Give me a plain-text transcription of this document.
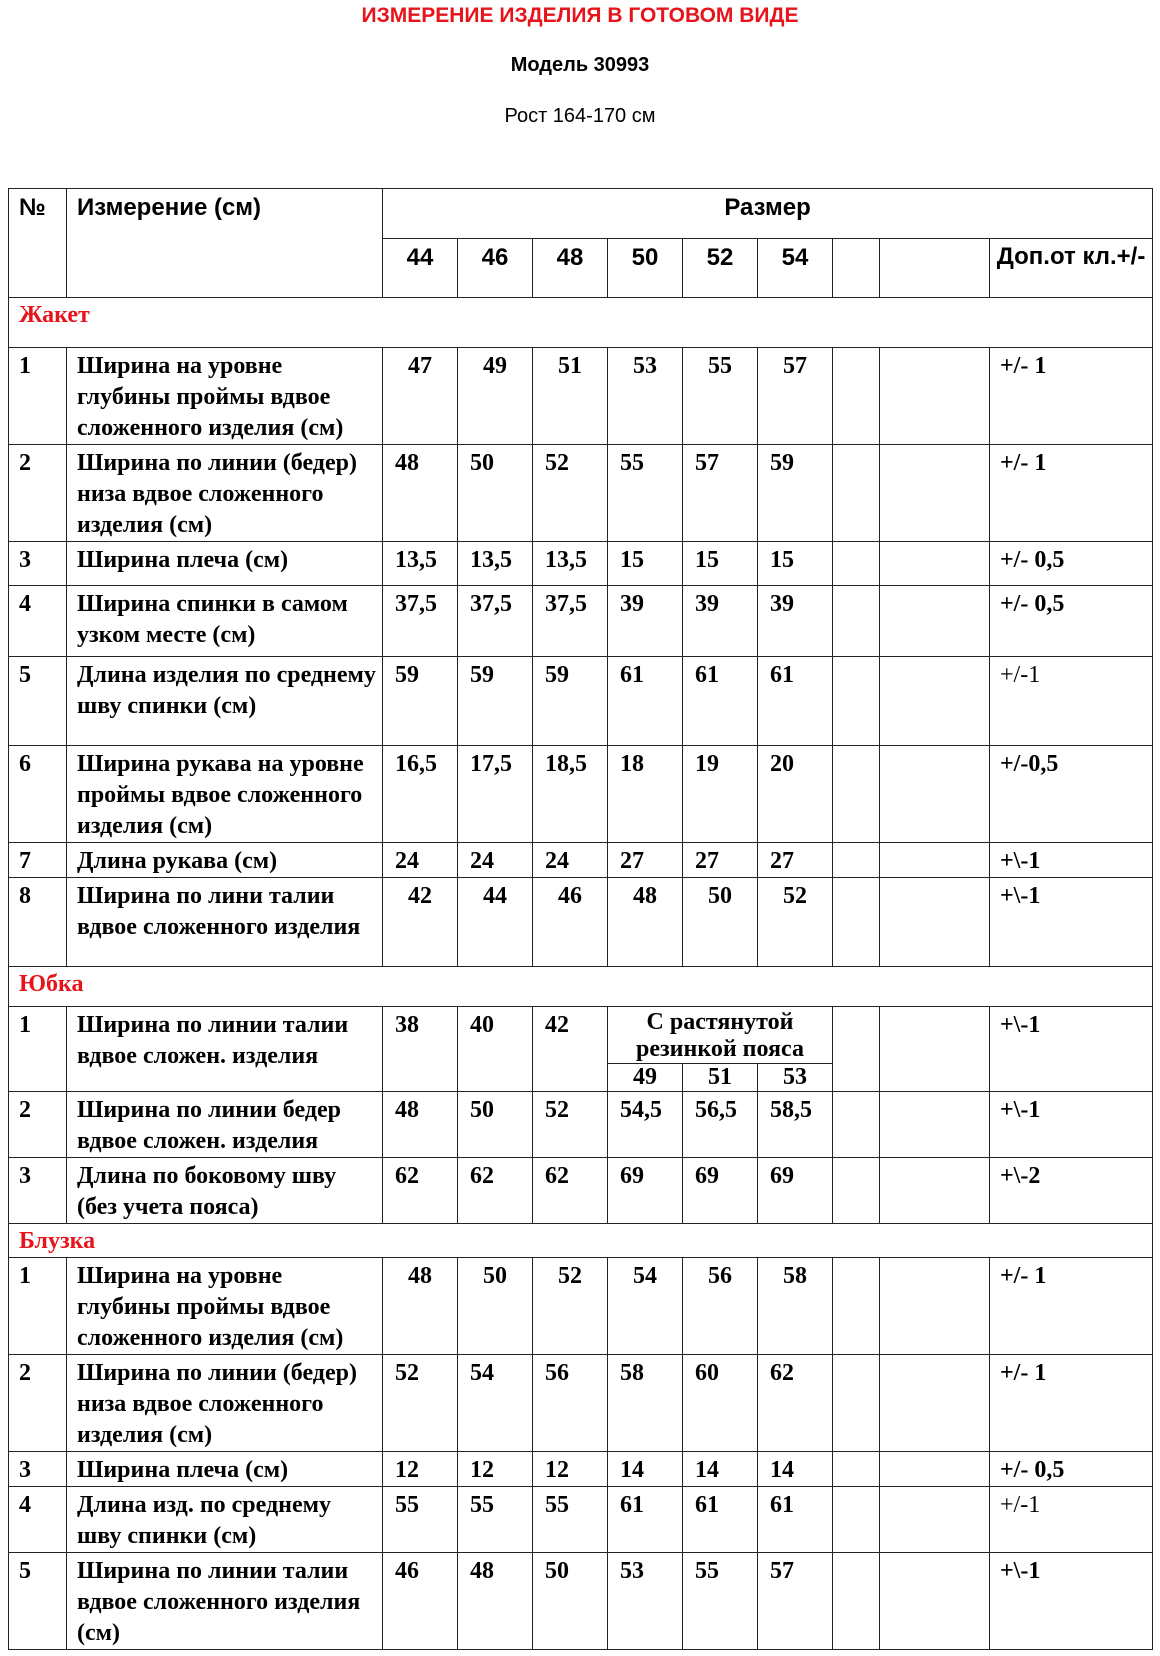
ИЗМЕРЕНИЕ ИЗДЕЛИЯ В ГОТОВОМ ВИДЕ
Модель 30993
Рост 164-170 см
№	Измерение (см)	Размер								
		44	46	48	50	52	54			Доп.от кл.+/-
Жакет										
1	Ширина на уровне глубины проймы вдвое сложенного изделия (см)	47	49	51	53	55	57			+/- 1
2	Ширина по линии (бедер) низа вдвое сложенного изделия (см)	48	50	52	55	57	59			+/- 1
3	Ширина плеча (см)	13,5	13,5	13,5	15	15	15			+/- 0,5
4	Ширина спинки в самом узком месте (см)	37,5	37,5	37,5	39	39	39			+/- 0,5
5	Длина изделия по среднему шву спинки (см)	59	59	59	61	61	61			+/-1
6	Ширина рукава на уровне проймы вдвое сложенного изделия (см)	16,5	17,5	18,5	18	19	20			+/-0,5
7	Длина рукава (см)	24	24	24	27	27	27			+\-1
8	Ширина по лини талии вдвое сложенного изделия	42	44	46	48	50	52			+\-1
Юбка										
1	Ширина по линии талии вдвое сложен. изделия	38	40	42	С растянутой резинкой пояса					+\-1
					49	51	53			
2	Ширина по линии бедер вдвое сложен. изделия	48	50	52	54,5	56,5	58,5			+\-1
3	Длина по боковому шву (без учета пояса)	62	62	62	69	69	69			+\-2
Блузка										
1	Ширина на уровне глубины проймы вдвое сложенного изделия (см)	48	50	52	54	56	58			+/- 1
2	Ширина по линии (бедер) низа вдвое сложенного изделия (см)	52	54	56	58	60	62			+/- 1
3	Ширина плеча (см)	12	12	12	14	14	14			+/- 0,5
4	Длина изд. по среднему шву спинки (см)	55	55	55	61	61	61			+/-1
5	Ширина по линии талии вдвое сложенного изделия (см)	46	48	50	53	55	57			+\-1
